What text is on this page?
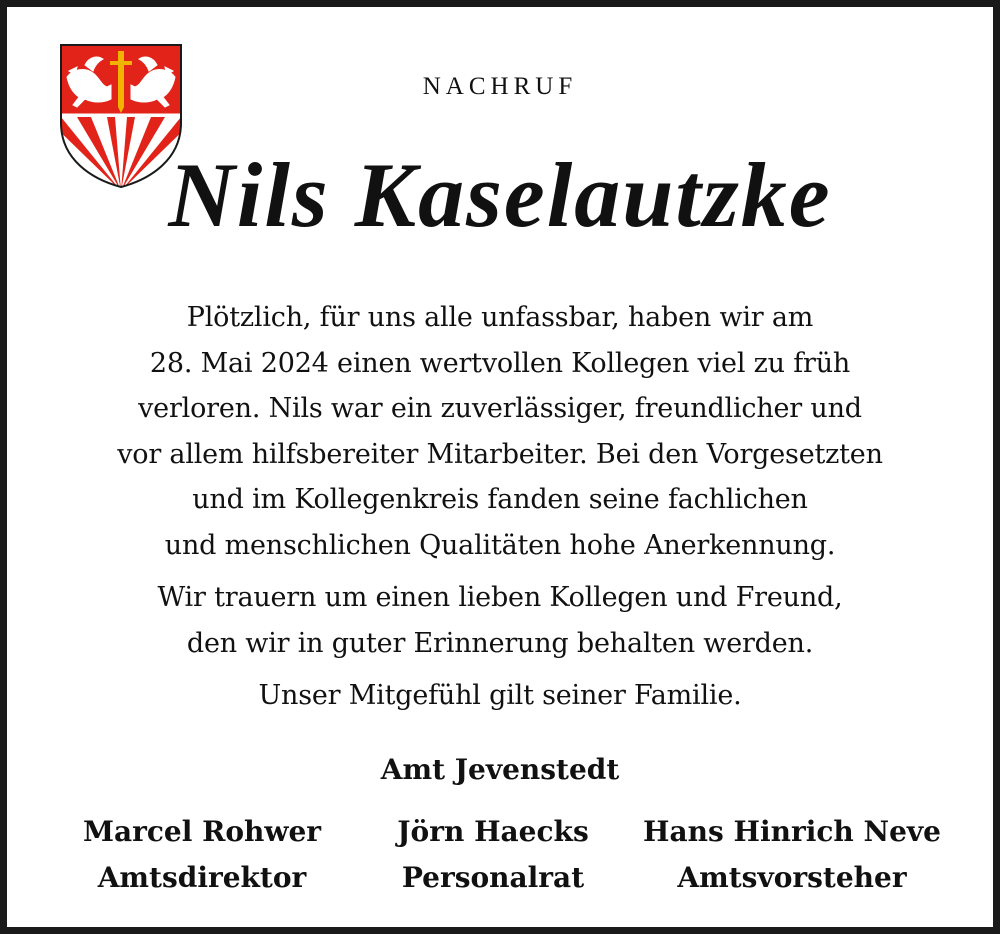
NACHRUF
Nils Kaselautzke

Plötzlich, für uns alle unfassbar, haben wir am
28. Mai 2024 einen wertvollen Kollegen viel zu früh
verloren. Nils war ein zuverlässiger, freundlicher und
vor allem hilfsbereiter Mitarbeiter. Bei den Vorgesetzten
und im Kollegenkreis fanden seine fachlichen
und menschlichen Qualitäten hohe Anerkennung.

Wir trauern um einen lieben Kollegen und Freund,
den wir in guter Erinnerung behalten werden.

Unser Mitgefühl gilt seiner Familie.

Amt Jevenstedt
Marcel Rohwer
Amtsdirektor
Jörn Haecks
Personalrat
Hans Hinrich Neve
Amtsvorsteher
